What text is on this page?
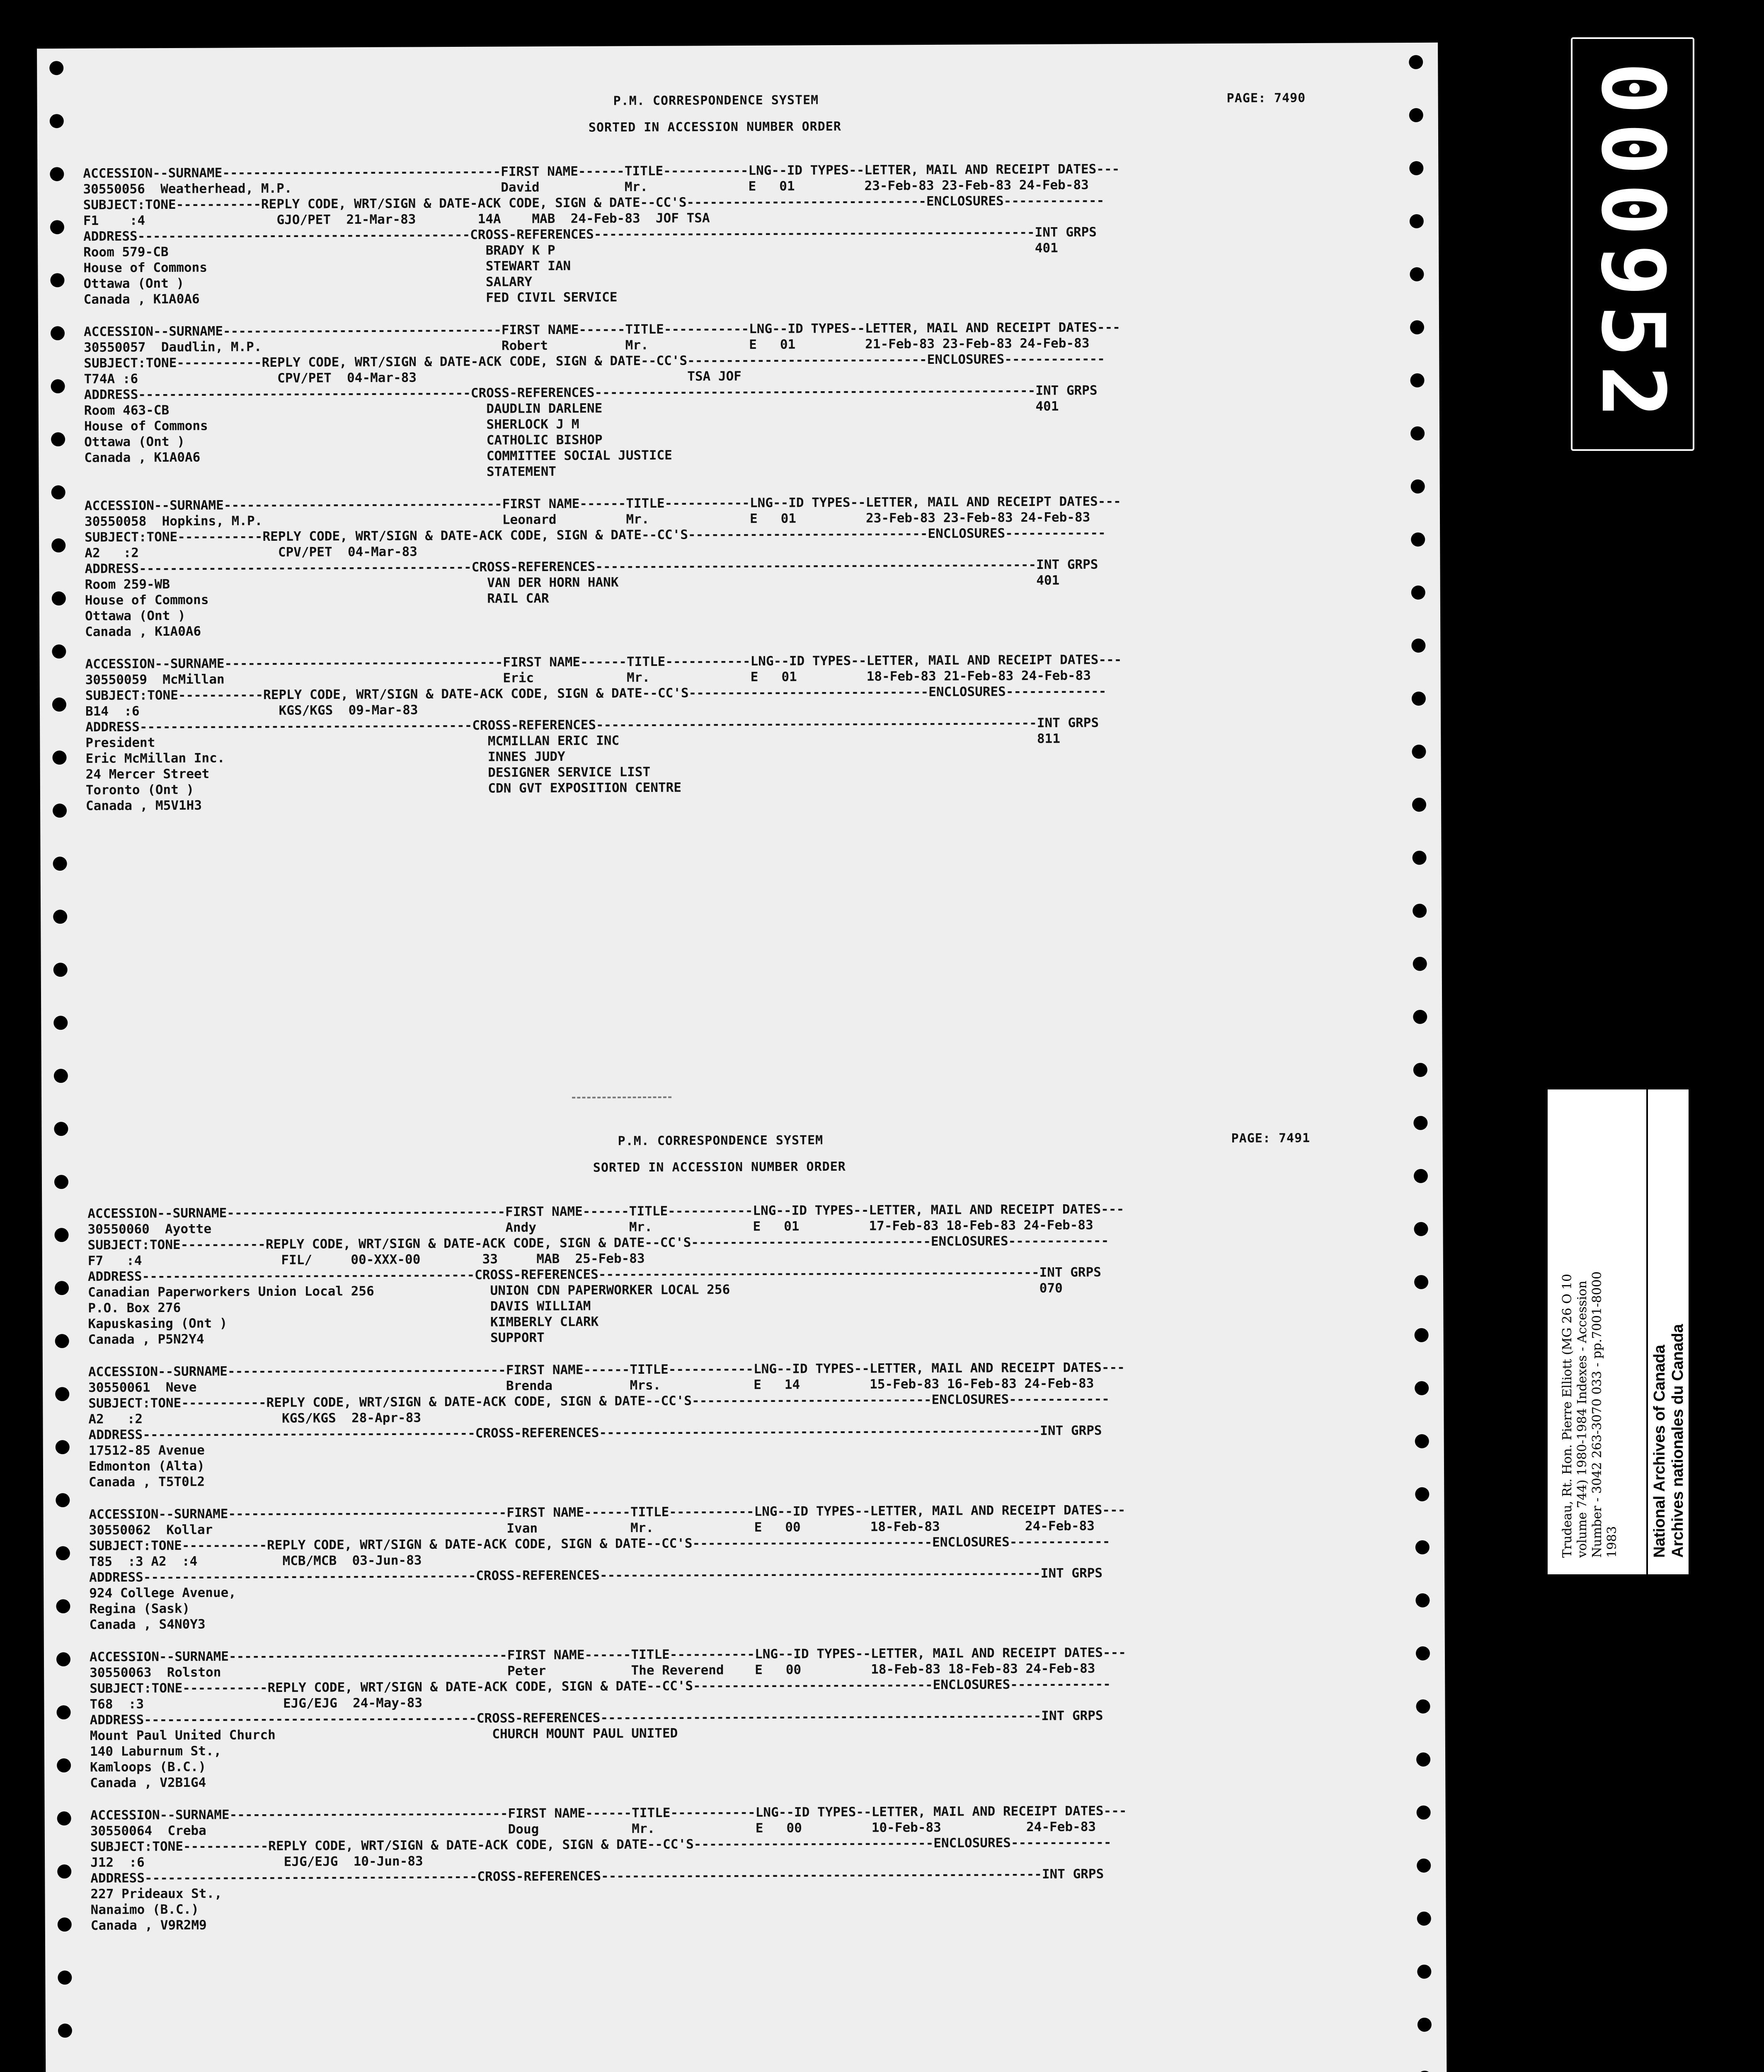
P.M. CORRESPONDENCE SYSTEM	PAGE: 7490
SORTED IN ACCESSION NUMBER ORDER
ACCESSION--SURNAME------------------------------------FIRST NAME------TITLE-----------LNG--ID TYPES--LETTER, MAIL AND RECEIPT DATES---
30550056  Weatherhead, M.P.                           David           Mr.             E   01         23-Feb-83 23-Feb-83 24-Feb-83
SUBJECT:TONE-----------REPLY CODE, WRT/SIGN & DATE-ACK CODE, SIGN & DATE--CC'S-------------------------------ENCLOSURES-------------
F1    :4                 GJO/PET  21-Mar-83        14A    MAB  24-Feb-83  JOF TSA
ADDRESS-------------------------------------------CROSS-REFERENCES---------------------------------------------------------INT GRPS
Room 579-CB                                         BRADY K P                                                              401
House of Commons                                    STEWART IAN
Ottawa (Ont )                                       SALARY
Canada , K1A0A6                                     FED CIVIL SERVICE
ACCESSION--SURNAME------------------------------------FIRST NAME------TITLE-----------LNG--ID TYPES--LETTER, MAIL AND RECEIPT DATES---
30550057  Daudlin, M.P.                               Robert          Mr.             E   01         21-Feb-83 23-Feb-83 24-Feb-83
SUBJECT:TONE-----------REPLY CODE, WRT/SIGN & DATE-ACK CODE, SIGN & DATE--CC'S-------------------------------ENCLOSURES-------------
T74A :6                  CPV/PET  04-Mar-83                                   TSA JOF
ADDRESS-------------------------------------------CROSS-REFERENCES---------------------------------------------------------INT GRPS
Room 463-CB                                         DAUDLIN DARLENE                                                        401
House of Commons                                    SHERLOCK J M
Ottawa (Ont )                                       CATHOLIC BISHOP
Canada , K1A0A6                                     COMMITTEE SOCIAL JUSTICE
STATEMENT
ACCESSION--SURNAME------------------------------------FIRST NAME------TITLE-----------LNG--ID TYPES--LETTER, MAIL AND RECEIPT DATES---
30550058  Hopkins, M.P.                               Leonard         Mr.             E   01         23-Feb-83 23-Feb-83 24-Feb-83
SUBJECT:TONE-----------REPLY CODE, WRT/SIGN & DATE-ACK CODE, SIGN & DATE--CC'S-------------------------------ENCLOSURES-------------
A2   :2                  CPV/PET  04-Mar-83
ADDRESS-------------------------------------------CROSS-REFERENCES---------------------------------------------------------INT GRPS
Room 259-WB                                         VAN DER HORN HANK                                                      401
House of Commons                                    RAIL CAR
Ottawa (Ont )
Canada , K1A0A6
ACCESSION--SURNAME------------------------------------FIRST NAME------TITLE-----------LNG--ID TYPES--LETTER, MAIL AND RECEIPT DATES---
30550059  McMillan                                    Eric            Mr.             E   01         18-Feb-83 21-Feb-83 24-Feb-83
SUBJECT:TONE-----------REPLY CODE, WRT/SIGN & DATE-ACK CODE, SIGN & DATE--CC'S-------------------------------ENCLOSURES-------------
B14  :6                  KGS/KGS  09-Mar-83
ADDRESS-------------------------------------------CROSS-REFERENCES---------------------------------------------------------INT GRPS
President                                           MCMILLAN ERIC INC                                                      811
Eric McMillan Inc.                                  INNES JUDY
24 Mercer Street                                    DESIGNER SERVICE LIST
Toronto (Ont )                                      CDN GVT EXPOSITION CENTRE
Canada , M5V1H3
P.M. CORRESPONDENCE SYSTEM	PAGE: 7491
SORTED IN ACCESSION NUMBER ORDER
ACCESSION--SURNAME------------------------------------FIRST NAME------TITLE-----------LNG--ID TYPES--LETTER, MAIL AND RECEIPT DATES---
30550060  Ayotte                                      Andy            Mr.             E   01         17-Feb-83 18-Feb-83 24-Feb-83
SUBJECT:TONE-----------REPLY CODE, WRT/SIGN & DATE-ACK CODE, SIGN & DATE--CC'S-------------------------------ENCLOSURES-------------
F7   :4                  FIL/     00-XXX-00        33     MAB  25-Feb-83
ADDRESS-------------------------------------------CROSS-REFERENCES---------------------------------------------------------INT GRPS
Canadian Paperworkers Union Local 256               UNION CDN PAPERWORKER LOCAL 256                                        070
P.O. Box 276                                        DAVIS WILLIAM
Kapuskasing (Ont )                                  KIMBERLY CLARK
Canada , P5N2Y4                                     SUPPORT
ACCESSION--SURNAME------------------------------------FIRST NAME------TITLE-----------LNG--ID TYPES--LETTER, MAIL AND RECEIPT DATES---
30550061  Neve                                        Brenda          Mrs.            E   14         15-Feb-83 16-Feb-83 24-Feb-83
SUBJECT:TONE-----------REPLY CODE, WRT/SIGN & DATE-ACK CODE, SIGN & DATE--CC'S-------------------------------ENCLOSURES-------------
A2   :2                  KGS/KGS  28-Apr-83
ADDRESS-------------------------------------------CROSS-REFERENCES---------------------------------------------------------INT GRPS
17512-85 Avenue
Edmonton (Alta)
Canada , T5T0L2
ACCESSION--SURNAME------------------------------------FIRST NAME------TITLE-----------LNG--ID TYPES--LETTER, MAIL AND RECEIPT DATES---
30550062  Kollar                                      Ivan            Mr.             E   00         18-Feb-83           24-Feb-83
SUBJECT:TONE-----------REPLY CODE, WRT/SIGN & DATE-ACK CODE, SIGN & DATE--CC'S-------------------------------ENCLOSURES-------------
T85  :3 A2  :4           MCB/MCB  03-Jun-83
ADDRESS-------------------------------------------CROSS-REFERENCES---------------------------------------------------------INT GRPS
924 College Avenue,
Regina (Sask)
Canada , S4N0Y3
ACCESSION--SURNAME------------------------------------FIRST NAME------TITLE-----------LNG--ID TYPES--LETTER, MAIL AND RECEIPT DATES---
30550063  Rolston                                     Peter           The Reverend    E   00         18-Feb-83 18-Feb-83 24-Feb-83
SUBJECT:TONE-----------REPLY CODE, WRT/SIGN & DATE-ACK CODE, SIGN & DATE--CC'S-------------------------------ENCLOSURES-------------
T68  :3                  EJG/EJG  24-May-83
ADDRESS-------------------------------------------CROSS-REFERENCES---------------------------------------------------------INT GRPS
Mount Paul United Church                            CHURCH MOUNT PAUL UNITED
140 Laburnum St.,
Kamloops (B.C.)
Canada , V2B1G4
ACCESSION--SURNAME------------------------------------FIRST NAME------TITLE-----------LNG--ID TYPES--LETTER, MAIL AND RECEIPT DATES---
30550064  Creba                                       Doug            Mr.             E   00         10-Feb-83           24-Feb-83
SUBJECT:TONE-----------REPLY CODE, WRT/SIGN & DATE-ACK CODE, SIGN & DATE--CC'S-------------------------------ENCLOSURES-------------
J12  :6                  EJG/EJG  10-Jun-83
ADDRESS-------------------------------------------CROSS-REFERENCES---------------------------------------------------------INT GRPS
227 Prideaux St.,
Nanaimo (B.C.)
Canada , V9R2M9
000952
Trudeau, Rt. Hon. Pierre Elliott (MG 26 O 10 volume 744) 1980-1984 Indexes - Accession Number - 3042 263-3070 033 - pp.7001-8000 1983 National Archives of Canada Archives nationales du Canada
